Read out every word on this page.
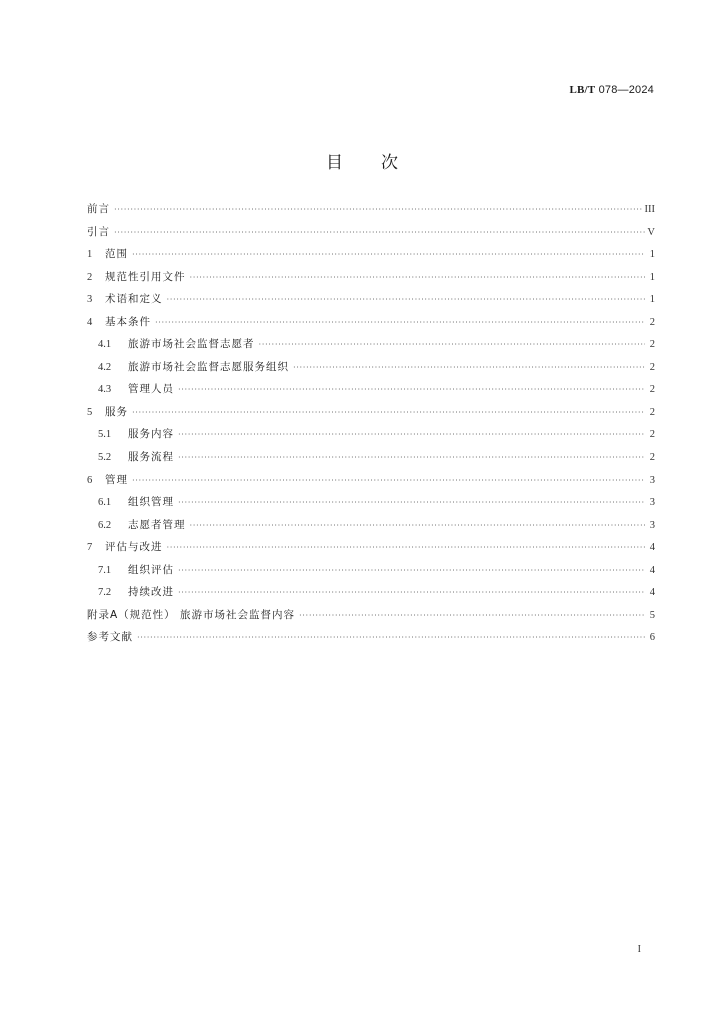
LB/T 078—2024
目次
前言 ·····	III
引言 ·····	V
1	范围 ·····	1
2	规范性引用文件 ·····	1
3	术语和定义 ·····	1
4	基本条件 ·····	2
4.1	旅游市场社会监督志愿者 ·····	2
4.2	旅游市场社会监督志愿服务组织 ·····	2
4.3	管理人员 ·····	2
5	服务 ·····	2
5.1	服务内容 ·····	2
5.2	服务流程 ·····	2
6	管理 ·····	3
6.1	组织管理 ·····	3
6.2	志愿者管理 ·····	3
7	评估与改进 ·····	4
7.1	组织评估 ·····	4
7.2	持续改进 ·····	4
附录A（规范性） 旅游市场社会监督内容 ·····	5
参考文献 ·····	6
I
